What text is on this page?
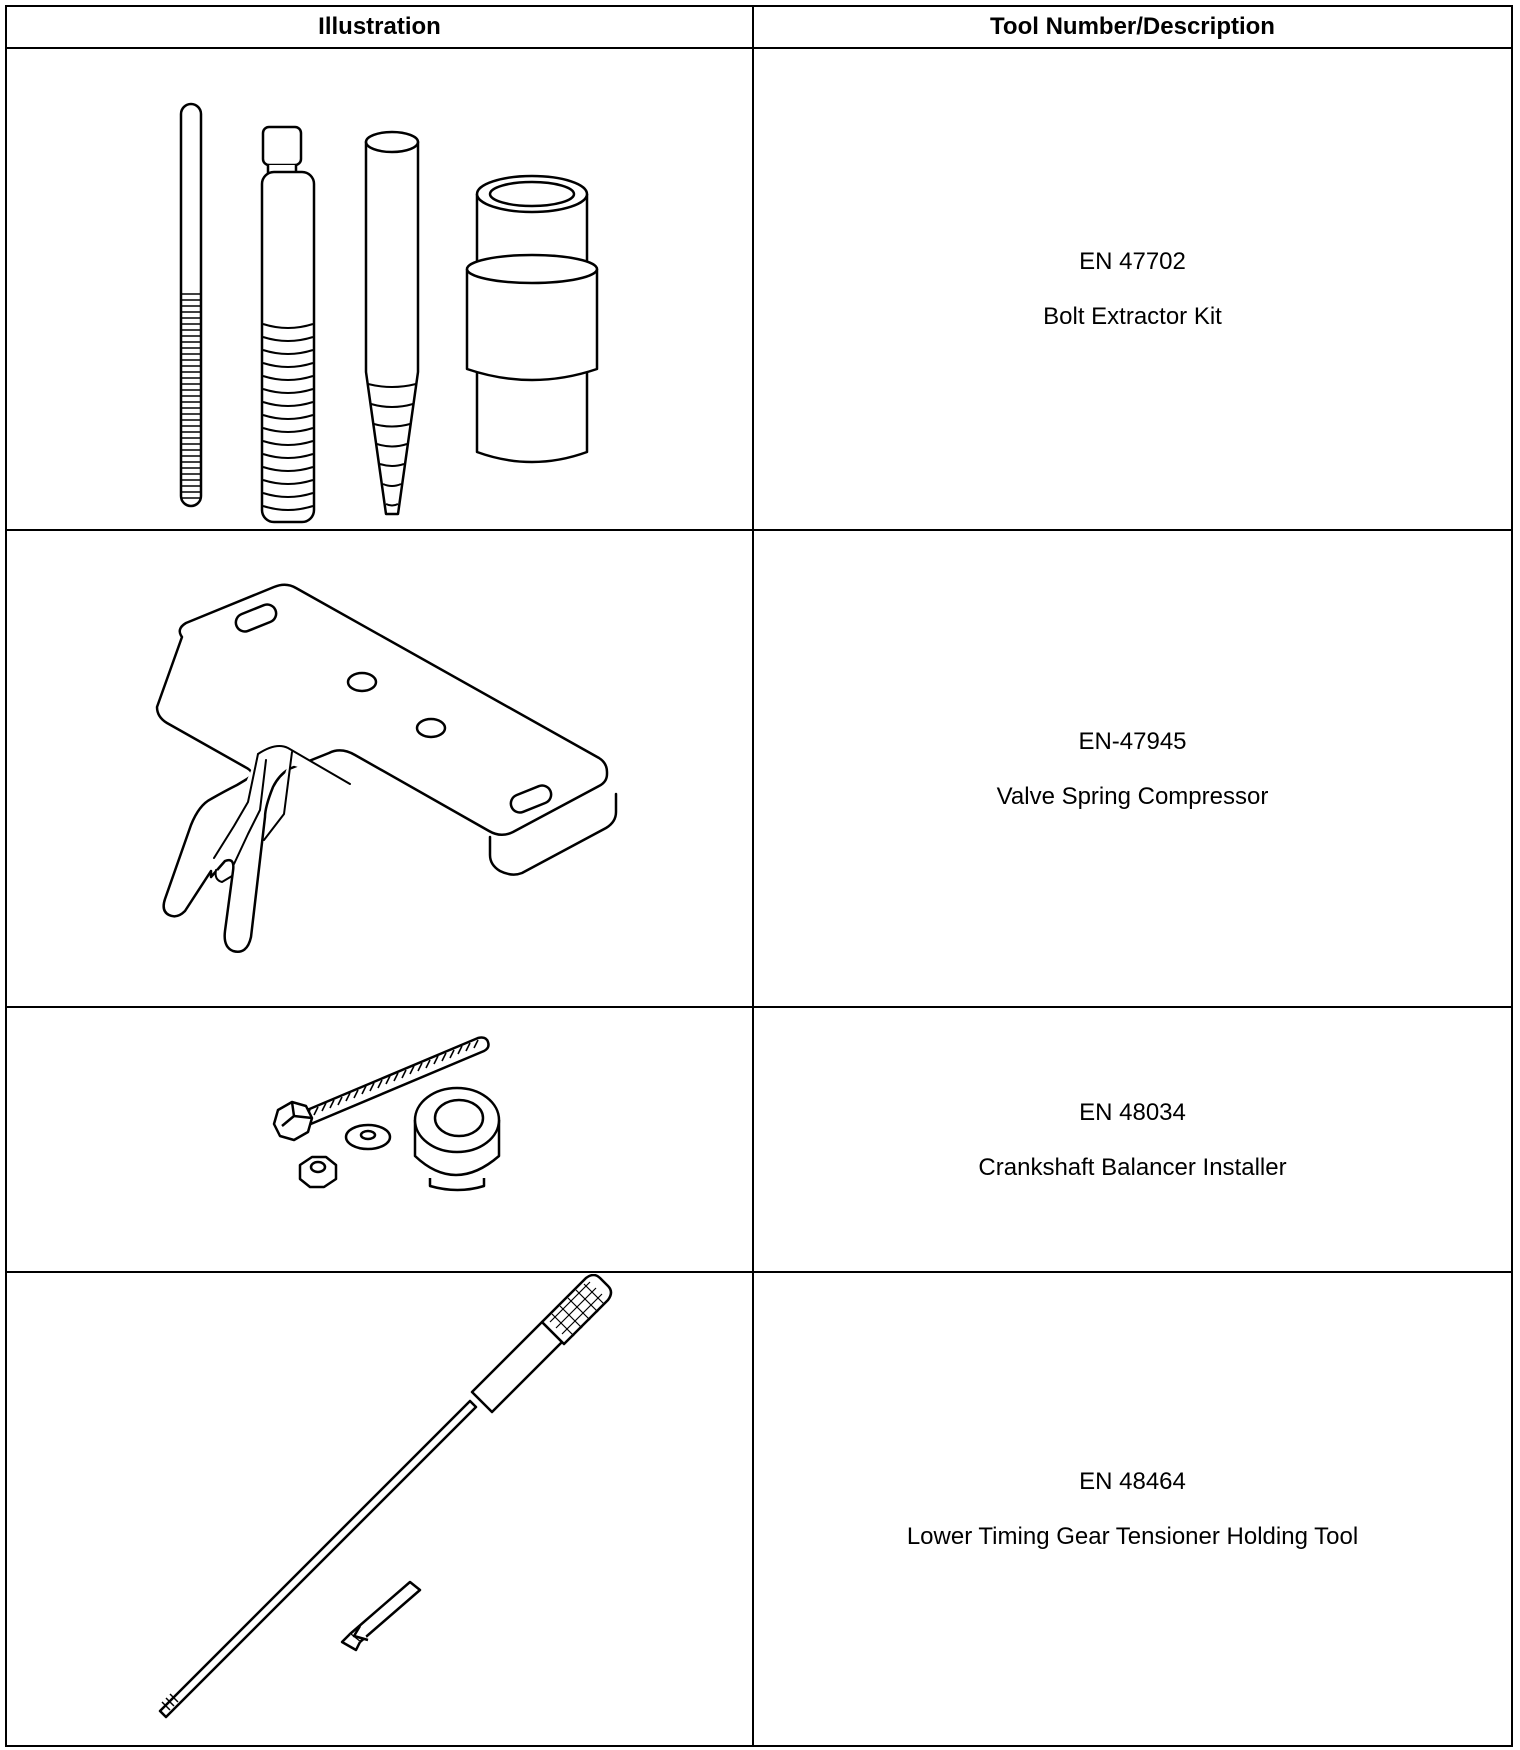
Illustration	Tool Number/Description

EN 47702
Bolt Extractor Kit

EN-47945
Valve Spring Compressor

EN 48034
Crankshaft Balancer Installer

EN 48464
Lower Timing Gear Tensioner Holding Tool
